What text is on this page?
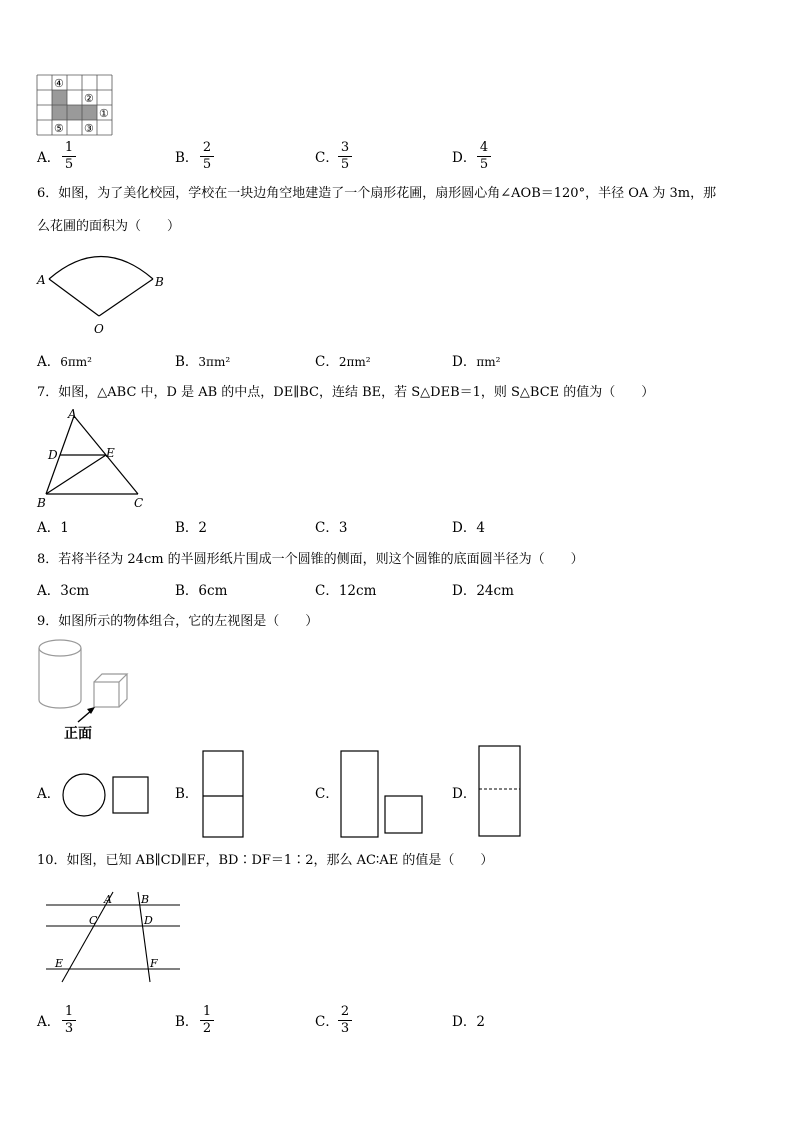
④
②
①
⑤ ③
A．
1
5	B．
2
5	C．
3
5	D．
4
5
6．如图，为了美化校园，学校在一块边角空地建造了一个扇形花圃，扇形圆心角∠AOB＝120°，半径 OA 为 3m，那
么花圃的面积为（　　）
A	B
O
A．6πm²	B．3πm²	C．2πm²	D．πm²
7．如图，△ABC 中，D 是 AB 的中点，DE∥BC，连结 BE，若 S△DEB＝1，则 S△BCE 的值为（　　）
A
D	E
B	C
A．1	B．2	C．3	D．4
8．若将半径为 24cm 的半圆形纸片围成一个圆锥的侧面，则这个圆锥的底面圆半径为（　　）
A．3cm	B．6cm	C．12cm	D．24cm
9．如图所示的物体组合，它的左视图是（　　）
正面
A．	B．	C．	D．
10．如图，已知 AB∥CD∥EF，BD∶DF＝1∶2，那么 AC∶AE 的值是（　　）
A	B
C	D
E	F
A．
1
3	B．
1
2	C．
2
3	D．2
